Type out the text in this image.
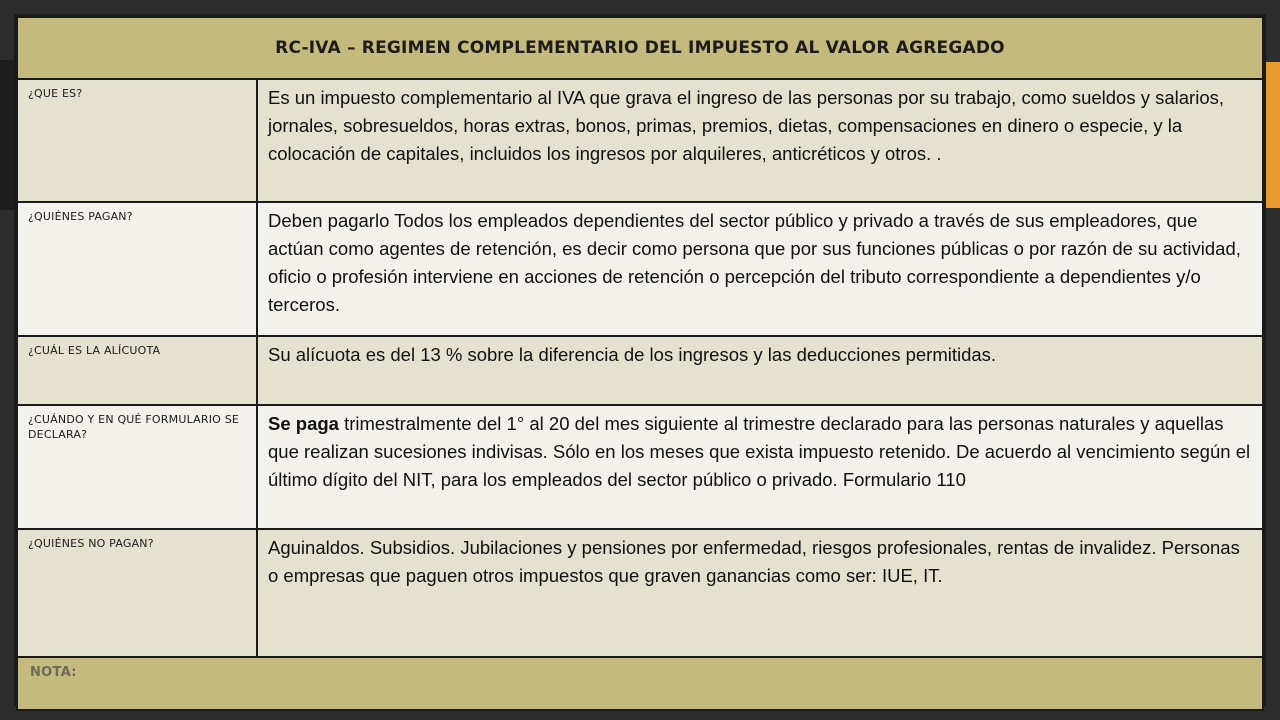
RC-IVA – REGIMEN COMPLEMENTARIO DEL IMPUESTO AL VALOR AGREGADO	
¿QUE ES?	Es un impuesto complementario al IVA que grava el ingreso de las personas por su trabajo, como sueldos y salarios, jornales, sobresueldos, horas extras, bonos, primas, premios, dietas, compensaciones en dinero o especie, y la colocación de capitales, incluidos los ingresos por alquileres, anticréticos y otros. .
¿QUIÉNES PAGAN?	Deben pagarlo Todos los empleados dependientes del sector público y privado a través de sus empleadores, que actúan como agentes de retención, es decir como persona que por sus funciones públicas o por razón de su actividad, oficio o profesión interviene en acciones de retención o percepción del tributo correspondiente a dependientes y/o terceros.
¿CUÁL ES LA ALÍCUOTA	Su alícuota es del 13 % sobre la diferencia de los ingresos y las deducciones permitidas.
¿CUÁNDO Y EN QUÉ FORMULARIO SE DECLARA?	Se paga trimestralmente del 1° al 20 del mes siguiente al trimestre declarado para las personas naturales y aquellas que realizan sucesiones indivisas. Sólo en los meses que exista impuesto retenido. De acuerdo al vencimiento según el último dígito del NIT, para los empleados del sector público o privado. Formulario 110
¿QUIÉNES NO PAGAN?	Aguinaldos. Subsidios. Jubilaciones y pensiones por enfermedad, riesgos profesionales, rentas de invalidez. Personas o empresas que paguen otros impuestos que graven ganancias como ser: IUE, IT.
NOTA:	
